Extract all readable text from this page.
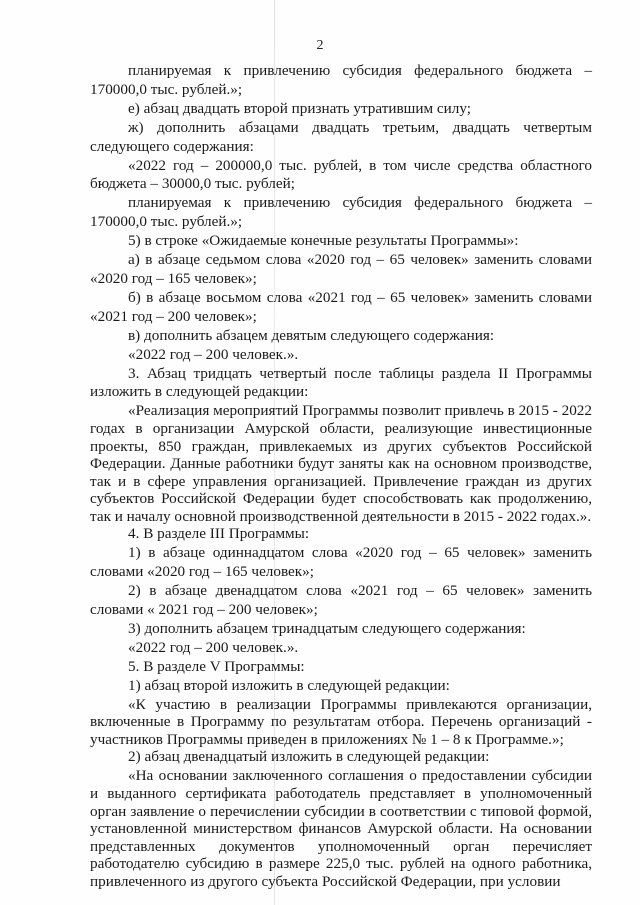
2

планируемая к привлечению субсидия федерального бюджета – 170000,0 тыс. рублей.»;

е) абзац двадцать второй признать утратившим силу;

ж) дополнить абзацами двадцать третьим, двадцать четвертым следующего содержания:

«2022 год – 200000,0 тыс. рублей, в том числе средства областного бюджета – 30000,0 тыс. рублей;

планируемая к привлечению субсидия федерального бюджета – 170000,0 тыс. рублей.»;

5) в строке «Ожидаемые конечные результаты Программы»:

а) в абзаце седьмом слова «2020 год – 65 человек» заменить словами «2020 год – 165 человек»;

б) в абзаце восьмом слова «2021 год – 65 человек» заменить словами «2021 год – 200 человек»;

в) дополнить абзацем девятым следующего содержания:

«2022 год – 200 человек.».

3. Абзац тридцать четвертый после таблицы раздела II Программы изложить в следующей редакции:

«Реализация мероприятий Программы позволит привлечь в 2015 - 2022 годах в организации Амурской области, реализующие инвестиционные проекты, 850 граждан, привлекаемых из других субъектов Российской Федерации. Данные работники будут заняты как на основном производстве, так и в сфере управления организацией. Привлечение граждан из других субъектов Российской Федерации будет способствовать как продолжению, так и началу основной производственной деятельности в 2015 - 2022 годах.».

4. В разделе III Программы:

1) в абзаце одиннадцатом слова «2020 год – 65 человек» заменить словами «2020 год – 165 человек»;

2) в абзаце двенадцатом слова «2021 год – 65 человек» заменить словами « 2021 год – 200 человек»;

3) дополнить абзацем тринадцатым следующего содержания:

«2022 год – 200 человек.».

5. В разделе V Программы:

1) абзац второй изложить в следующей редакции:

«К участию в реализации Программы привлекаются организации, включенные в Программу по результатам отбора. Перечень организаций - участников Программы приведен в приложениях № 1 – 8 к Программе.»;

2) абзац двенадцатый изложить в следующей редакции:

«На основании заключенного соглашения о предоставлении субсидии и выданного сертификата работодатель представляет в уполномоченный орган заявление о перечислении субсидии в соответствии с типовой формой, установленной министерством финансов Амурской области. На основании представленных документов уполномоченный орган перечисляет работодателю субсидию в размере 225,0 тыс. рублей на одного работника, привлеченного из другого субъекта Российской Федерации, при условии
